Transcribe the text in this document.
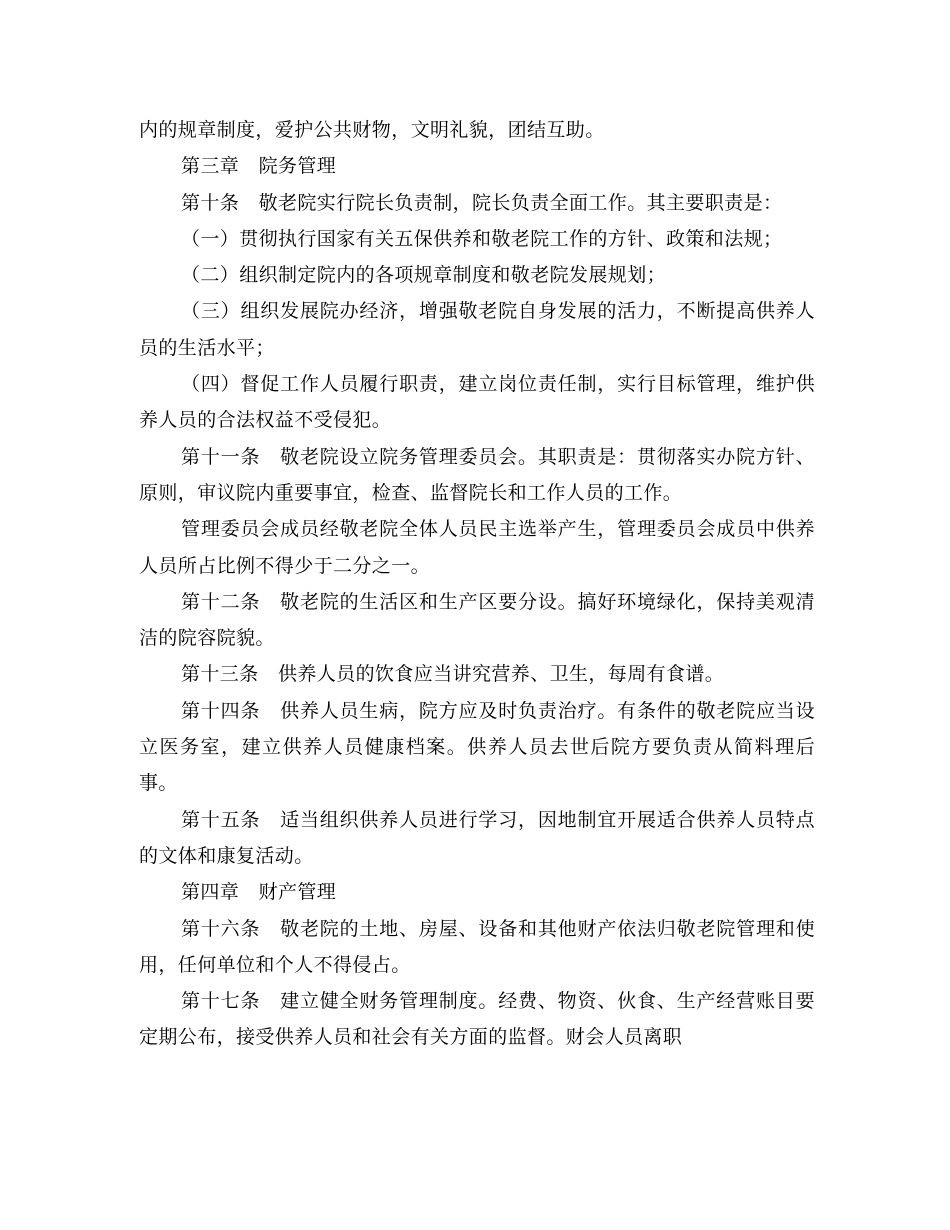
内的规章制度，爱护公共财物，文明礼貌，团结互助。

第三章　院务管理

第十条　敬老院实行院长负责制，院长负责全面工作。其主要职责是：

（一）贯彻执行国家有关五保供养和敬老院工作的方针、政策和法规；

（二）组织制定院内的各项规章制度和敬老院发展规划；

（三）组织发展院办经济，增强敬老院自身发展的活力，不断提高供养人员的生活水平；

（四）督促工作人员履行职责，建立岗位责任制，实行目标管理，维护供养人员的合法权益不受侵犯。

第十一条　敬老院设立院务管理委员会。其职责是：贯彻落实办院方针、原则，审议院内重要事宜，检查、监督院长和工作人员的工作。

管理委员会成员经敬老院全体人员民主选举产生，管理委员会成员中供养人员所占比例不得少于二分之一。

第十二条　敬老院的生活区和生产区要分设。搞好环境绿化，保持美观清洁的院容院貌。

第十三条　供养人员的饮食应当讲究营养、卫生，每周有食谱。

第十四条　供养人员生病，院方应及时负责治疗。有条件的敬老院应当设立医务室，建立供养人员健康档案。供养人员去世后院方要负责从简料理后事。

第十五条　适当组织供养人员进行学习，因地制宜开展适合供养人员特点的文体和康复活动。

第四章　财产管理

第十六条　敬老院的土地、房屋、设备和其他财产依法归敬老院管理和使用，任何单位和个人不得侵占。

第十七条　建立健全财务管理制度。经费、物资、伙食、生产经营账目要定期公布，接受供养人员和社会有关方面的监督。财会人员离职
